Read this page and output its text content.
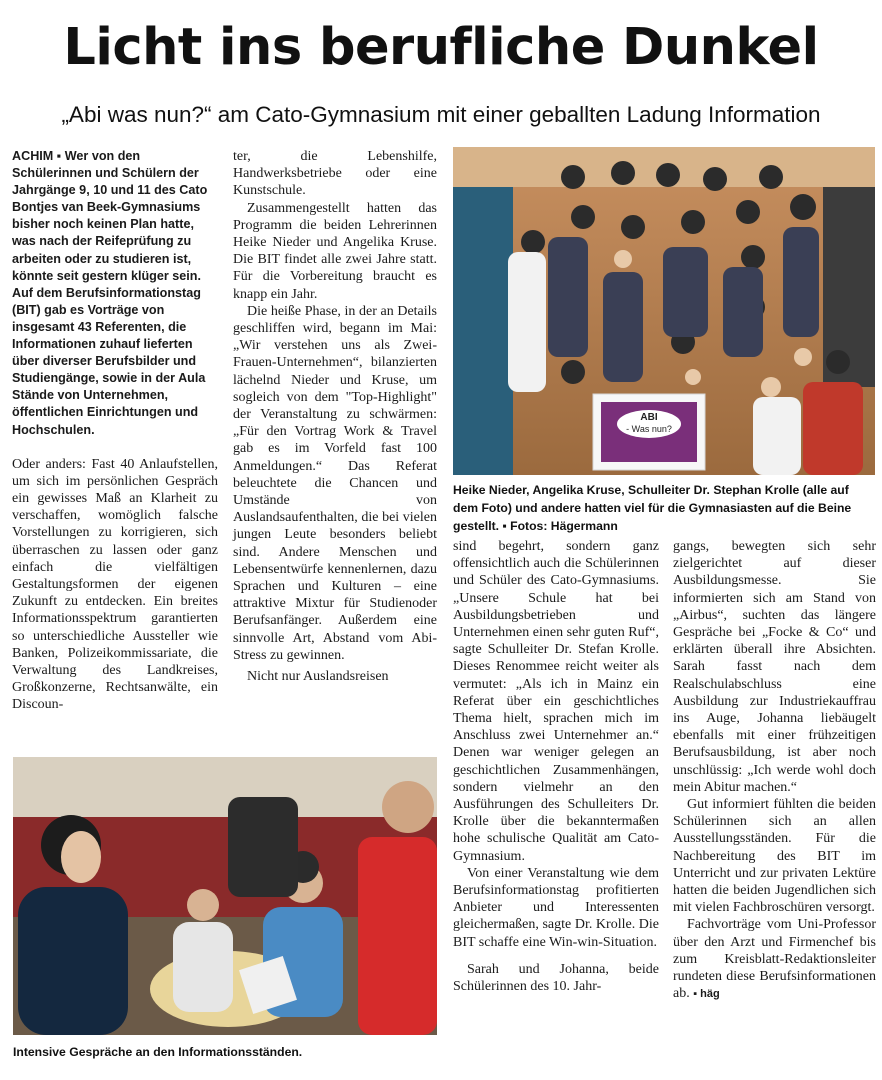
Licht ins berufliche Dunkel
„Abi was nun?“ am Cato-Gymnasium mit einer geballten Ladung Information
ACHIM ▪ Wer von den Schülerinnen und Schülern der Jahrgänge 9, 10 und 11 des Cato Bontjes van Beek-Gymnasiums bisher noch keinen Plan hatte, was nach der Reifeprüfung zu arbeiten oder zu studieren ist, könnte seit gestern klüger sein. Auf dem Berufsinformationstag (BIT) gab es Vorträge von insgesamt 43 Referenten, die Informationen zuhauf lieferten über diverser Berufsbilder und Studiengänge, sowie in der Aula Stände von Unternehmen, öffentlichen Einrichtungen und Hochschulen.

Oder anders: Fast 40 Anlaufstellen, um sich im persönlichen Gespräch ein gewisses Maß an Klarheit zu verschaffen, womöglich falsche Vorstellungen zu korrigieren, sich überraschen zu lassen oder ganz einfach die vielfältigen Gestaltungsformen der eigenen Zukunft zu entdecken. Ein breites Informationsspektrum garantierten so unterschiedliche Aussteller wie Banken, Polizeikommissariate, die Verwaltung des Landkreises, Großkonzerne, Rechtsanwälte, ein Discoun-

ter, die Lebenshilfe, Handwerksbetriebe oder eine Kunstschule.

Zusammengestellt hatten das Programm die beiden Lehrerinnen Heike Nieder und Angelika Kruse. Die BIT findet alle zwei Jahre statt. Für die Vorbereitung braucht es knapp ein Jahr.

Die heiße Phase, in der an Details geschliffen wird, begann im Mai: „Wir verstehen uns als Zwei-Frauen-Unternehmen“, bilanzierten lächelnd Nieder und Kruse, um sogleich von dem "Top-Highlight" der Veranstaltung zu schwärmen: „Für den Vortrag Work & Travel gab es im Vorfeld fast 100 Anmeldungen.“ Das Referat beleuchtete die Chancen und Umstände von Auslandsaufenthalten, die bei vielen jungen Leute besonders beliebt sind. Andere Menschen und Lebensentwürfe kennenlernen, dazu Sprachen und Kulturen – eine attraktive Mixtur für Studienoder Berufsanfänger. Außerdem eine sinnvolle Art, Abstand vom Abi-Stress zu gewinnen.

Nicht nur Auslandsreisen

ABI
- Was nun?
Heike Nieder, Angelika Kruse, Schulleiter Dr. Stephan Krolle (alle auf dem Foto) und andere hatten viel für die Gymnasiasten auf die Beine gestellt. ▪ Fotos: Hägermann
Intensive Gespräche an den Informationsständen.

sind begehrt, sondern ganz offensichtlich auch die Schülerinnen und Schüler des Cato-Gymnasiums. „Unsere Schule hat bei Ausbildungsbetrieben und Unternehmen einen sehr guten Ruf“, sagte Schulleiter Dr. Stefan Krolle. Dieses Renommee reicht weiter als vermutet: „Als ich in Mainz ein Referat über ein geschichtliches Thema hielt, sprachen mich im Anschluss zwei Unternehmer an.“ Denen war weniger gelegen an geschichtlichen Zusammenhängen, sondern vielmehr an den Ausführungen des Schulleiters Dr. Krolle über die bekanntermaßen hohe schulische Qualität am Cato-Gymnasium.

Von einer Veranstaltung wie dem Berufsinformationstag profitierten Anbieter und Interessenten gleichermaßen, sagte Dr. Krolle. Die BIT schaffe eine Win-win-Situation.

Sarah und Johanna, beide Schülerinnen des 10. Jahr-

gangs, bewegten sich sehr zielgerichtet auf dieser Ausbildungsmesse. Sie informierten sich am Stand von „Airbus“, suchten das längere Gespräche bei „Focke & Co“ und erklärten überall ihre Absichten. Sarah fasst nach dem Realschulabschluss eine Ausbildung zur Industriekauffrau ins Auge, Johanna liebäugelt ebenfalls mit einer frühzeitigen Berufsausbildung, ist aber noch unschlüssig: „Ich werde wohl doch mein Abitur machen.“

Gut informiert fühlten die beiden Schülerinnen sich an allen Ausstellungsständen. Für die Nachbereitung des BIT im Unterricht und zur privaten Lektüre hatten die beiden Jugendlichen sich mit vielen Fachbroschüren versorgt.

Fachvorträge vom Uni-Professor über den Arzt und Firmenchef bis zum Kreisblatt-Redaktionsleiter rundeten diese Berufsinformationen ab. ▪ häg
